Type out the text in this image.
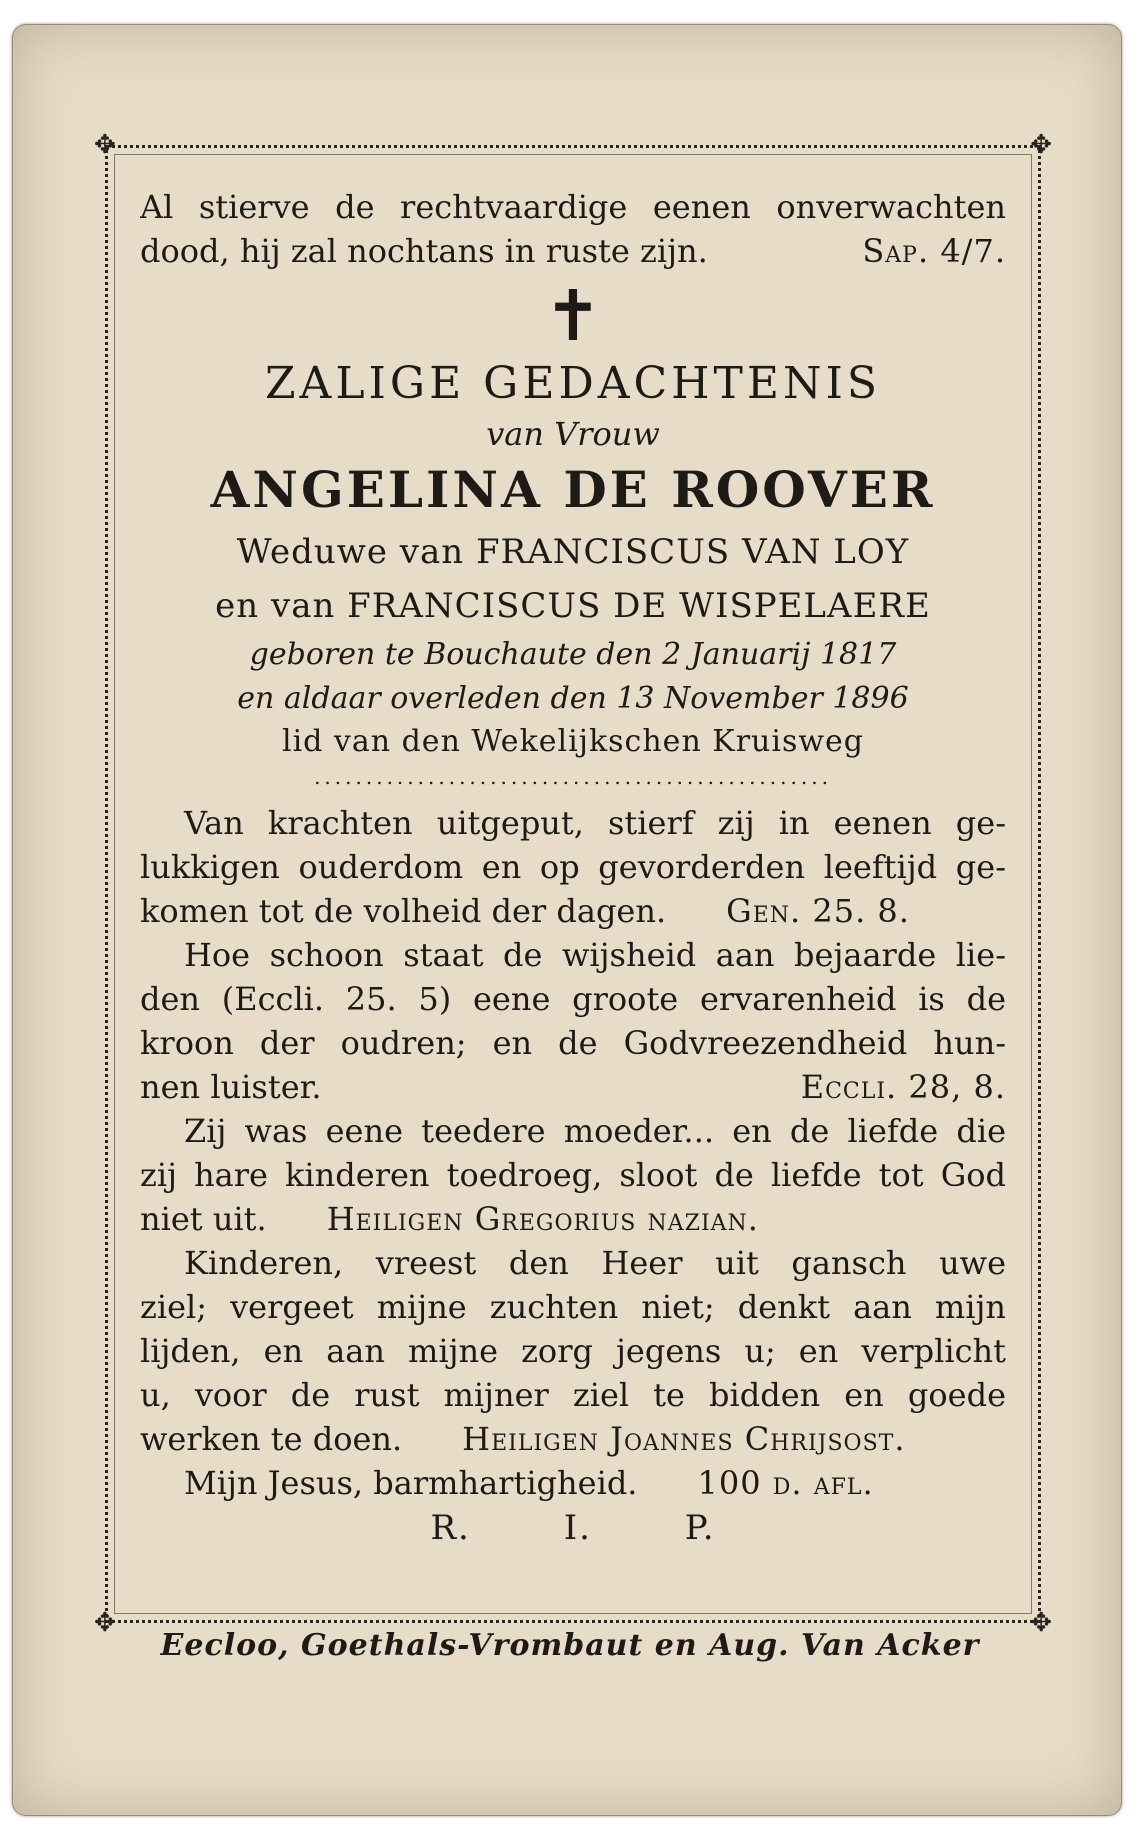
✥	✥
✥	✥
Al stierve de rechtvaardige eenen onverwachten
dood, hij zal nochtans in ruste zijn.	Sap. 4/7.
✝
ZALIGE GEDACHTENIS
van Vrouw
ANGELINA DE ROOVER
Weduwe van FRANCISCUS VAN LOY
en van FRANCISCUS DE WISPELAERE
geboren te Bouchaute den 2 Januarij 1817
en aldaar overleden den 13 November 1896
lid van den Wekelijkschen Kruisweg
..................................................
Van krachten uitgeput, stierf zij in eenen ge-
lukkigen ouderdom en op gevorderden leeftijd ge-
komen tot de volheid der dagen. Gen. 25. 8.
Hoe schoon staat de wijsheid aan bejaarde lie-
den (Eccli. 25. 5) eene groote ervarenheid is de
kroon der oudren; en de Godvreezendheid hun-
nen luister.	Eccli. 28, 8.
Zij was eene teedere moeder... en de liefde die
zij hare kinderen toedroeg, sloot de liefde tot God
niet uit. Heiligen Gregorius nazian.
Kinderen, vreest den Heer uit gansch uwe
ziel; vergeet mijne zuchten niet; denkt aan mijn
lijden, en aan mijne zorg jegens u; en verplicht
u, voor de rust mijner ziel te bidden en goede
werken te doen. Heiligen Joannes Chrijsost.
Mijn Jesus, barmhartigheid. 100 d. afl.
R.	I.	P.
Eecloo, Goethals-Vrombaut en Aug. Van Acker
